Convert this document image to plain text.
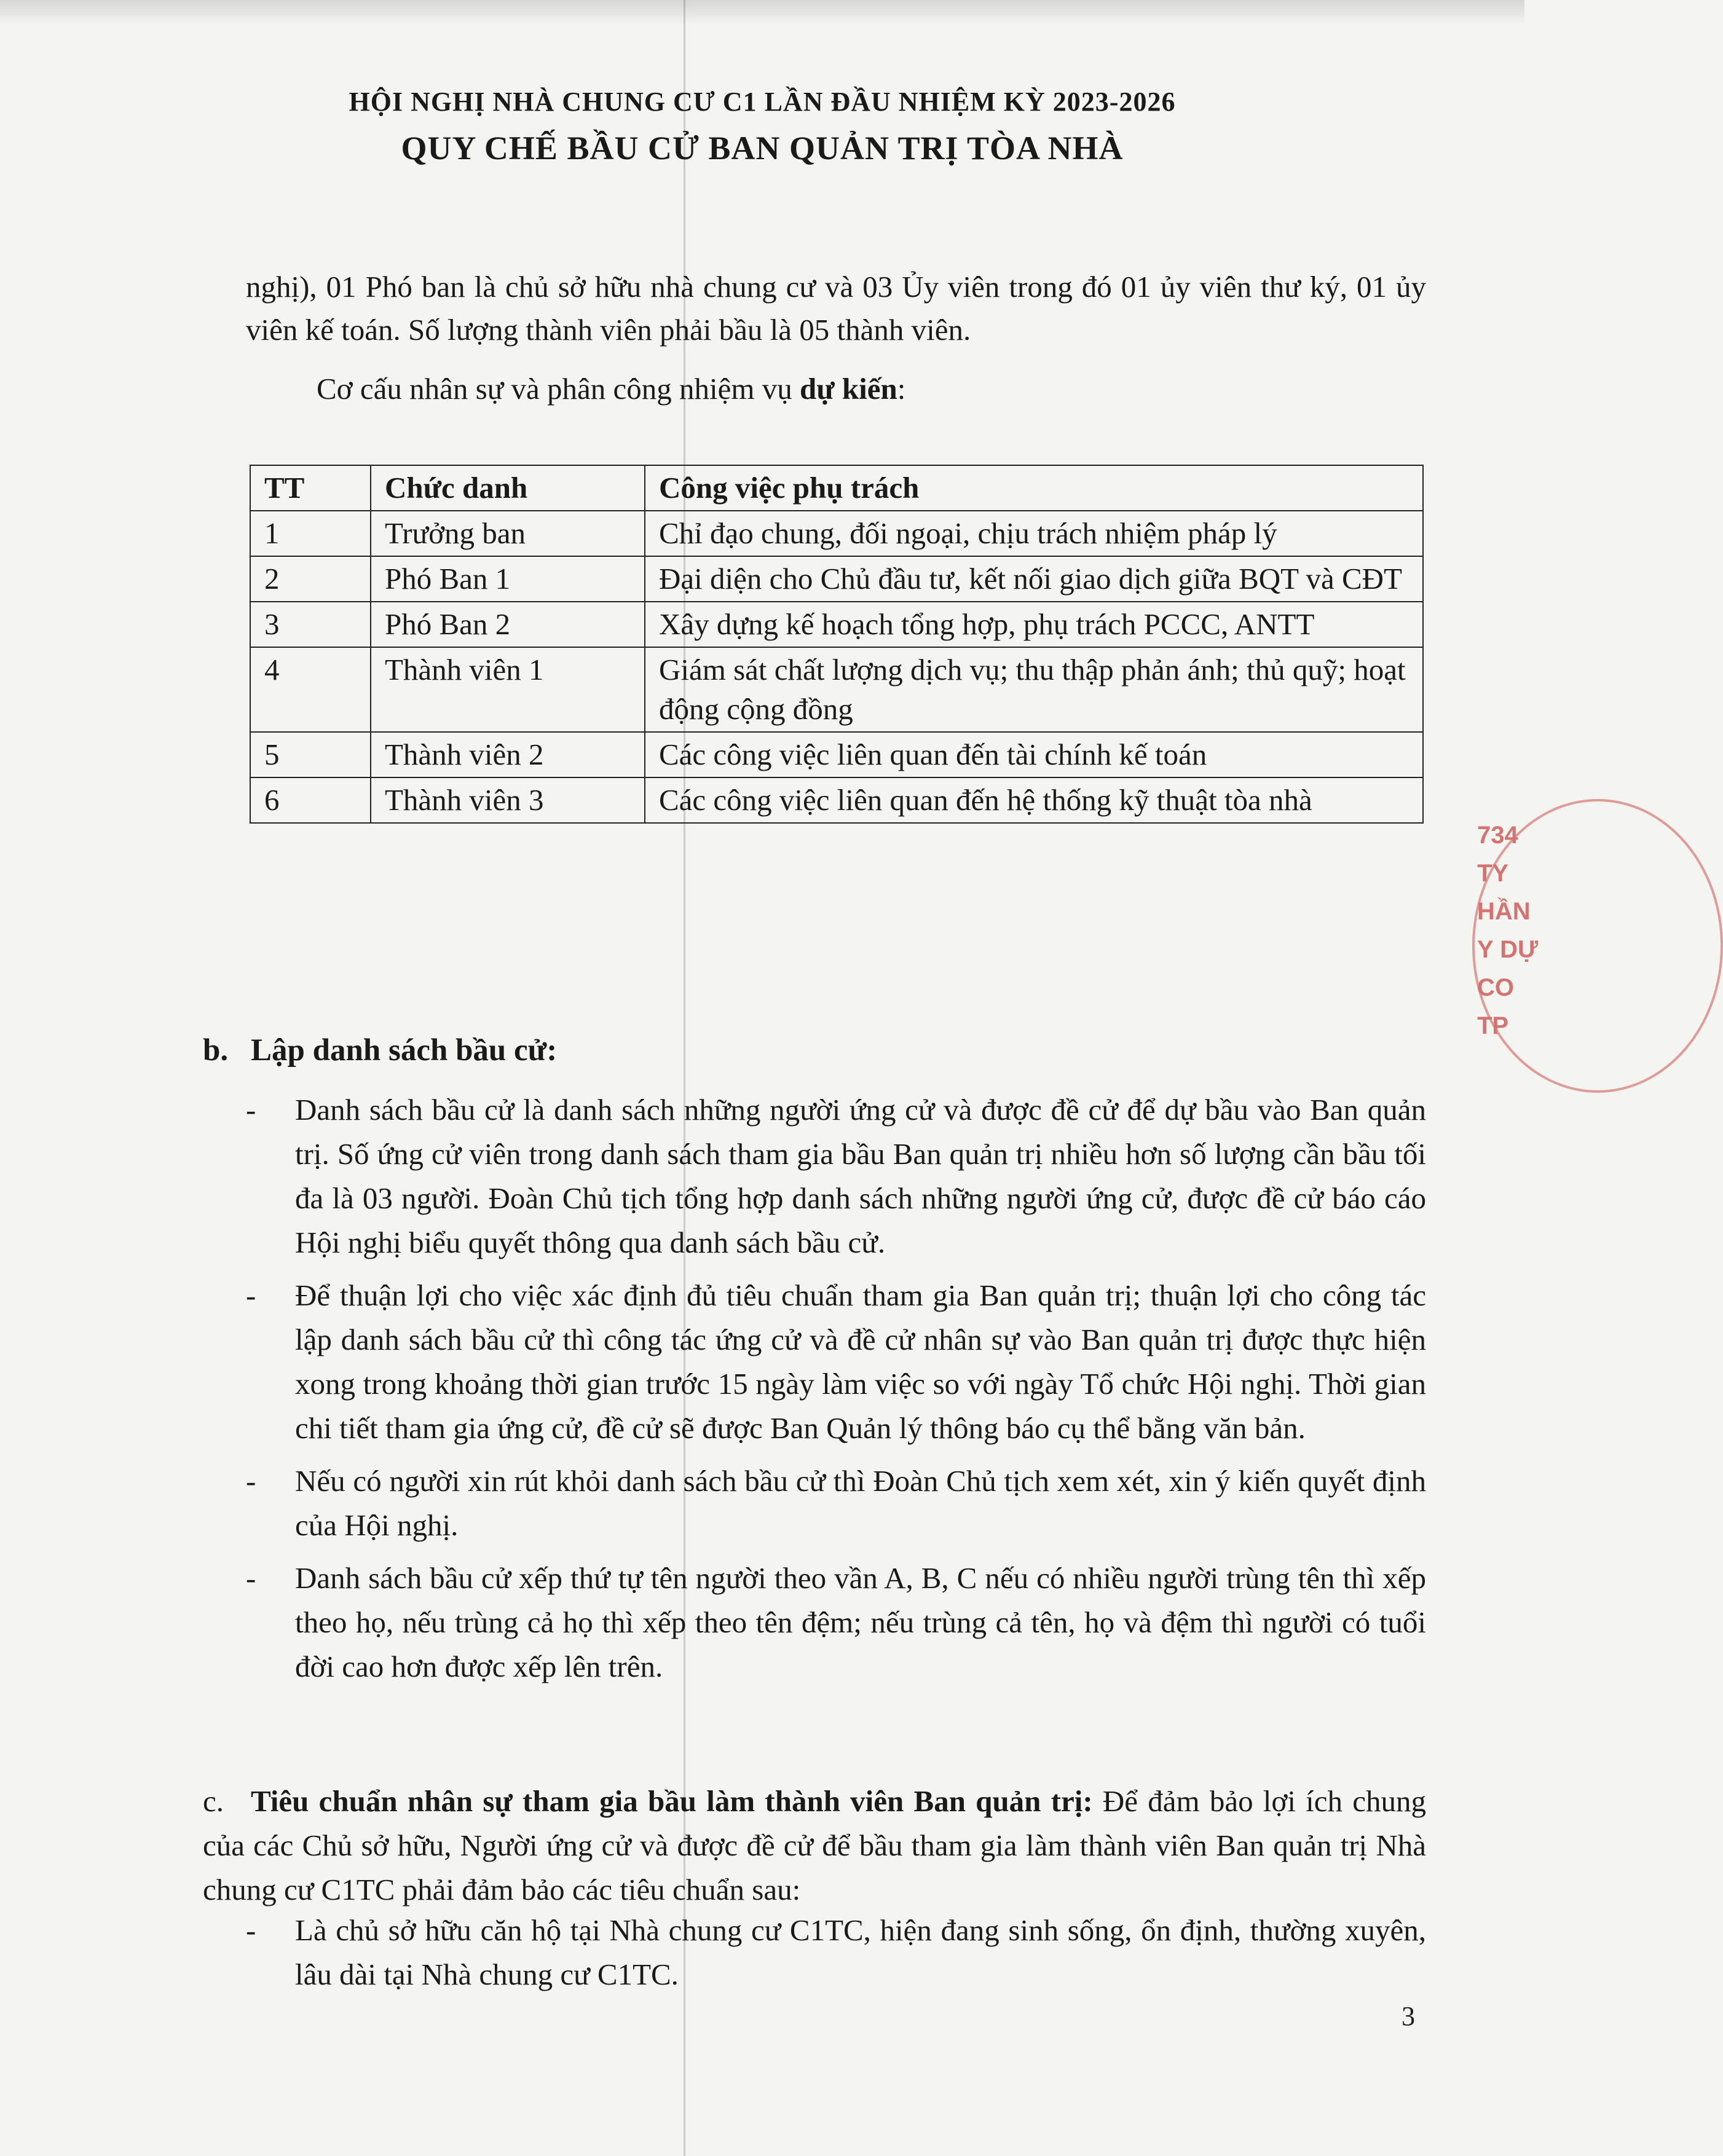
HỘI NGHỊ NHÀ CHUNG CƯ C1 LẦN ĐẦU NHIỆM KỲ 2023-2026
QUY CHẾ BẦU CỬ BAN QUẢN TRỊ TÒA NHÀ

nghị), 01 Phó ban là chủ sở hữu nhà chung cư và 03 Ủy viên trong đó 01 ủy viên thư ký, 01 ủy viên kế toán. Số lượng thành viên phải bầu là 05 thành viên.

Cơ cấu nhân sự và phân công nhiệm vụ dự kiến:

TT	Chức danh	Công việc phụ trách
1	Trưởng ban	Chỉ đạo chung, đối ngoại, chịu trách nhiệm pháp lý
2	Phó Ban 1	Đại diện cho Chủ đầu tư, kết nối giao dịch giữa BQT và CĐT
3	Phó Ban 2	Xây dựng kế hoạch tổng hợp, phụ trách PCCC, ANTT
4	Thành viên 1	Giám sát chất lượng dịch vụ; thu thập phản ánh; thủ quỹ; hoạt động cộng đồng
5	Thành viên 2	Các công việc liên quan đến tài chính kế toán
6	Thành viên 3	Các công việc liên quan đến hệ thống kỹ thuật tòa nhà
b. Lập danh sách bầu cử:
- Danh sách bầu cử là danh sách những người ứng cử và được đề cử để dự bầu vào Ban quản trị. Số ứng cử viên trong danh sách tham gia bầu Ban quản trị nhiều hơn số lượng cần bầu tối đa là 03 người. Đoàn Chủ tịch tổng hợp danh sách những người ứng cử, được đề cử báo cáo Hội nghị biểu quyết thông qua danh sách bầu cử.
- Để thuận lợi cho việc xác định đủ tiêu chuẩn tham gia Ban quản trị; thuận lợi cho công tác lập danh sách bầu cử thì công tác ứng cử và đề cử nhân sự vào Ban quản trị được thực hiện xong trong khoảng thời gian trước 15 ngày làm việc so với ngày Tổ chức Hội nghị. Thời gian chi tiết tham gia ứng cử, đề cử sẽ được Ban Quản lý thông báo cụ thể bằng văn bản.
- Nếu có người xin rút khỏi danh sách bầu cử thì Đoàn Chủ tịch xem xét, xin ý kiến quyết định của Hội nghị.
- Danh sách bầu cử xếp thứ tự tên người theo vần A, B, C nếu có nhiều người trùng tên thì xếp theo họ, nếu trùng cả họ thì xếp theo tên đệm; nếu trùng cả tên, họ và đệm thì người có tuổi đời cao hơn được xếp lên trên.
c. Tiêu chuẩn nhân sự tham gia bầu làm thành viên Ban quản trị: Để đảm bảo lợi ích chung của các Chủ sở hữu, Người ứng cử và được đề cử để bầu tham gia làm thành viên Ban quản trị Nhà chung cư C1TC phải đảm bảo các tiêu chuẩn sau:
- Là chủ sở hữu căn hộ tại Nhà chung cư C1TC, hiện đang sinh sống, ổn định, thường xuyên, lâu dài tại Nhà chung cư C1TC.
3
734
TY
HẦN
Y DỰ
CO
TP
